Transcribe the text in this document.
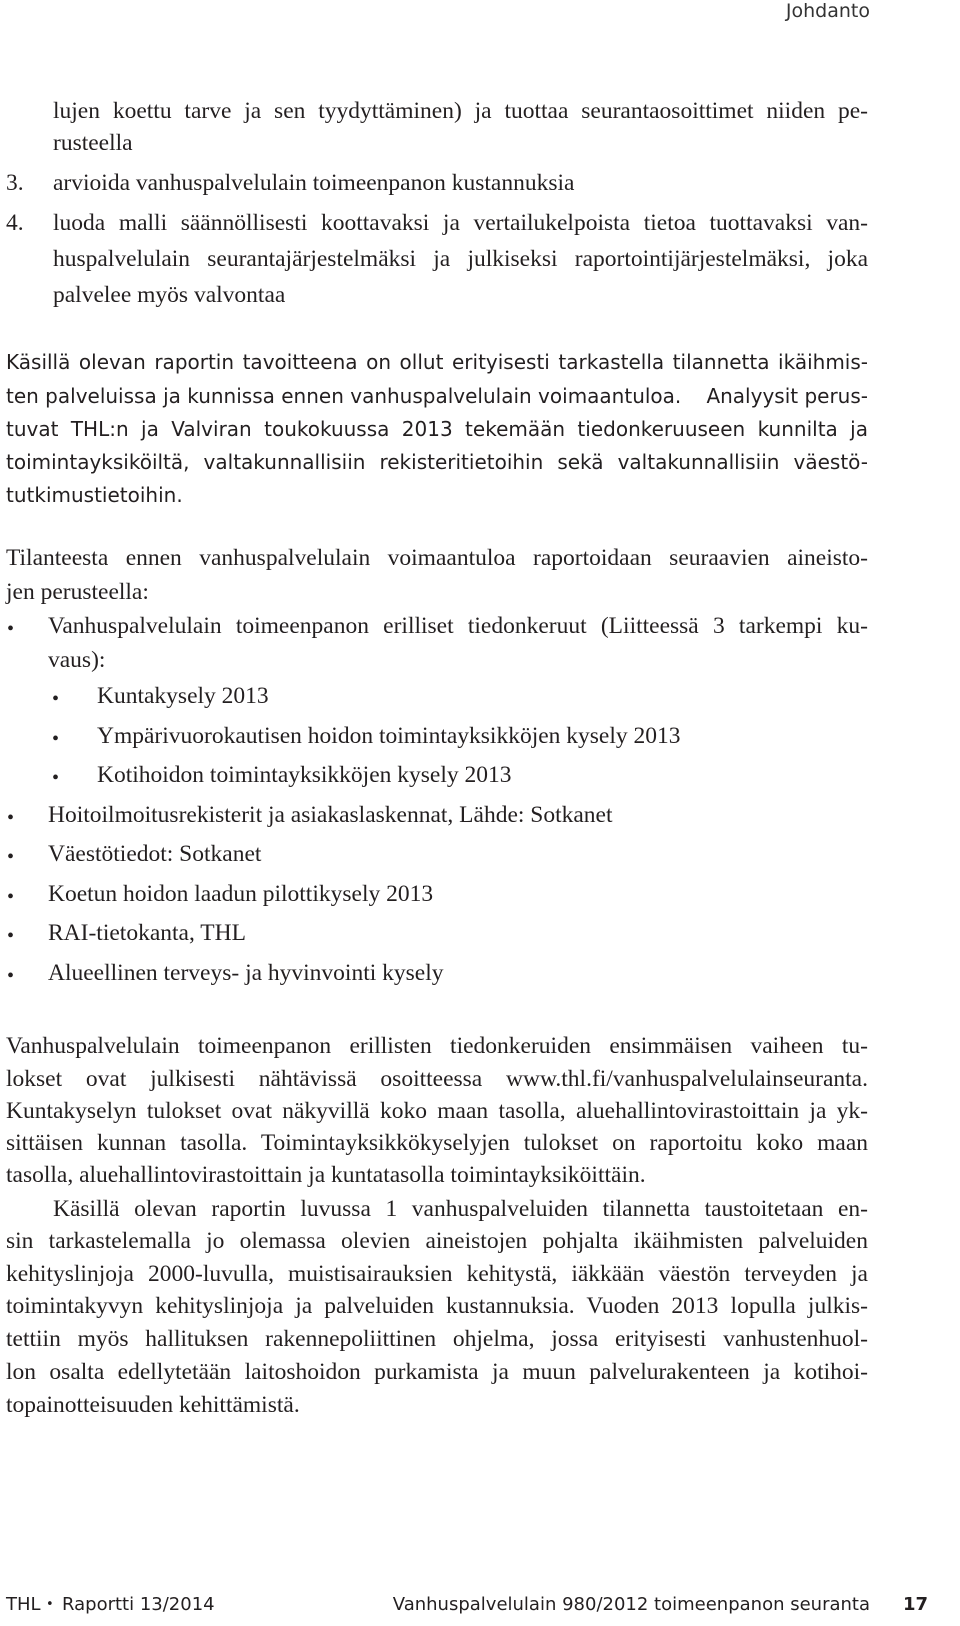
Johdanto
lujen koettu tarve ja sen tyydyttäminen) ja tuottaa seurantaosoittimet niiden pe-
rusteella
3. arvioida vanhuspalvelulain toimeenpanon kustannuksia
4. luoda malli säännöllisesti koottavaksi ja vertailukelpoista tietoa tuottavaksi van-
huspalvelulain seurantajärjestelmäksi ja julkiseksi raportointijärjestelmäksi, joka
palvelee myös valvontaa
Käsillä olevan raportin tavoitteena on ollut erityisesti tarkastella tilannetta ikäihmis-
ten palveluissa ja kunnissa ennen vanhuspalvelulain voimaantuloa. Analyysit perus-
tuvat THL:n ja Valviran toukokuussa 2013 tekemään tiedonkeruuseen kunnilta ja
toimintayksiköiltä, valtakunnallisiin rekisteritietoihin sekä valtakunnallisiin väestö-
tutkimustietoihin.
Tilanteesta ennen vanhuspalvelulain voimaantuloa raportoidaan seuraavien aineisto-
jen perusteella:
• Vanhuspalvelulain toimeenpanon erilliset tiedonkeruut (Liitteessä 3 tarkempi ku-
vaus):
• Kuntakysely 2013
• Ympärivuorokautisen hoidon toimintayksikköjen kysely 2013
• Kotihoidon toimintayksikköjen kysely 2013
• Hoitoilmoitusrekisterit ja asiakaslaskennat, Lähde: Sotkanet
• Väestötiedot: Sotkanet
• Koetun hoidon laadun pilottikysely 2013
• RAI-tietokanta, THL
• Alueellinen terveys- ja hyvinvointi kysely
Vanhuspalvelulain toimeenpanon erillisten tiedonkeruiden ensimmäisen vaiheen tu-
lokset ovat julkisesti nähtävissä osoitteessa www.thl.fi/vanhuspalvelulainseuranta.
Kuntakyselyn tulokset ovat näkyvillä koko maan tasolla, aluehallintovirastoittain ja yk-
sittäisen kunnan tasolla. Toimintayksikkökyselyjen tulokset on raportoitu koko maan
tasolla, aluehallintovirastoittain ja kuntatasolla toimintayksiköittäin.
Käsillä olevan raportin luvussa 1 vanhuspalveluiden tilannetta taustoitetaan en-
sin tarkastelemalla jo olemassa olevien aineistojen pohjalta ikäihmisten palveluiden
kehityslinjoja 2000-luvulla, muistisairauksien kehitystä, iäkkään väestön terveyden ja
toimintakyvyn kehityslinjoja ja palveluiden kustannuksia. Vuoden 2013 lopulla julkis-
tettiin myös hallituksen rakennepoliittinen ohjelma, jossa erityisesti vanhustenhuol-
lon osalta edellytetään laitoshoidon purkamista ja muun palvelurakenteen ja kotihoi-
topainotteisuuden kehittämistä.
THL • Raportti 13/2014	Vanhuspalvelulain 980/2012 toimeenpanon seuranta 17
